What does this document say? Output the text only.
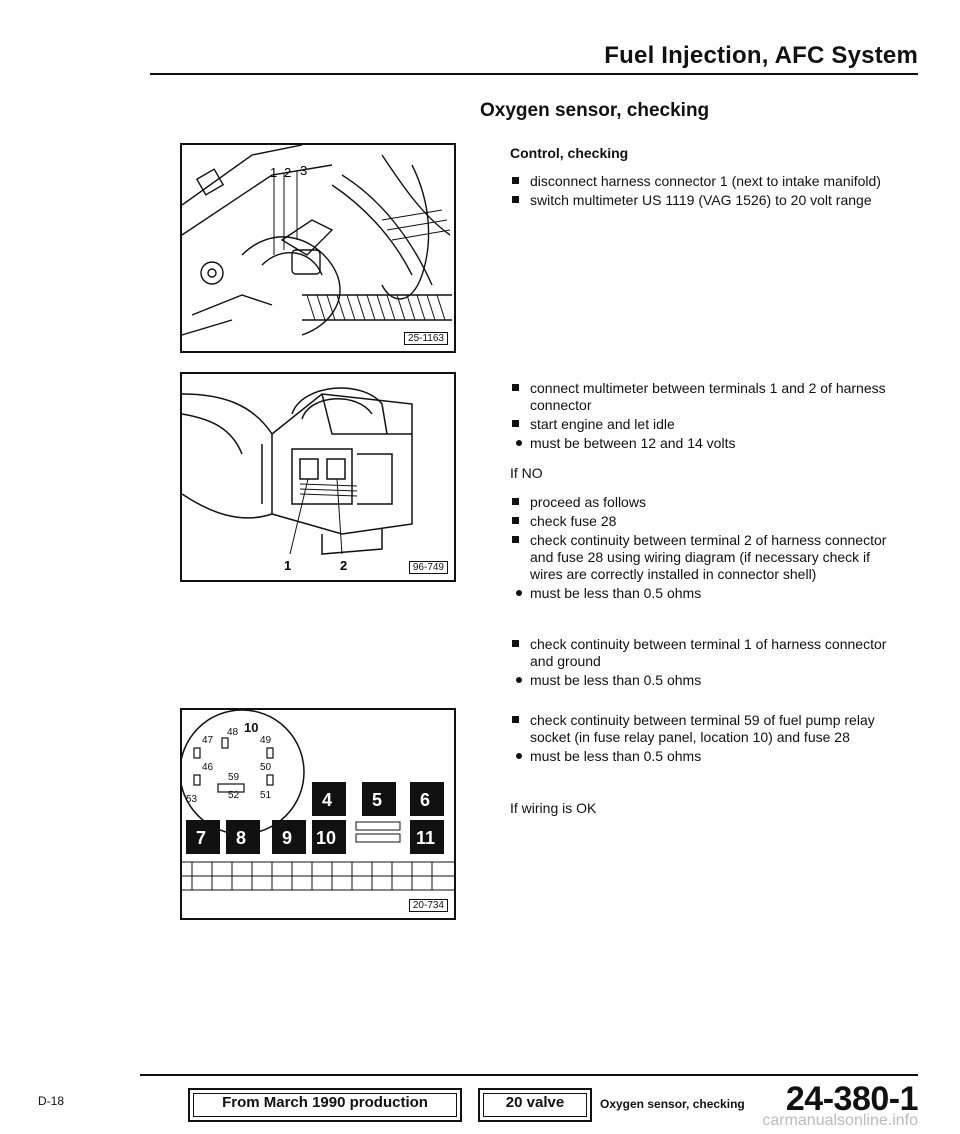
Fuel Injection, AFC System
Oxygen sensor, checking
Control, checking
disconnect harness connector 1 (next to intake manifold)
switch multimeter US 1119 (VAG 1526) to 20 volt range
connect multimeter between terminals 1 and 2 of harness connector
start engine and let idle
must be between 12 and 14 volts
If NO
proceed as follows
check fuse 28
check continuity between terminal 2 of harness connector and fuse 28 using wiring diagram (if necessary check if wires are correctly installed in connector shell)
must be less than 0.5 ohms
check continuity between terminal 1 of harness connector and ground
must be less than 0.5 ohms
check continuity between terminal 59 of fuel pump relay socket (in fuse relay panel, location 10) and fuse 28
must be less than 0.5 ohms
If wiring is OK
1 2 3
25-1163
1	2	96-749
47
48
49
10
46	50
59
53	52 51	4 5 6
7 8 9 10	11
20-734
D-18	From March 1990 production	20 valve	Oxygen sensor, checking 24-380-1
carmanualsonline.info
